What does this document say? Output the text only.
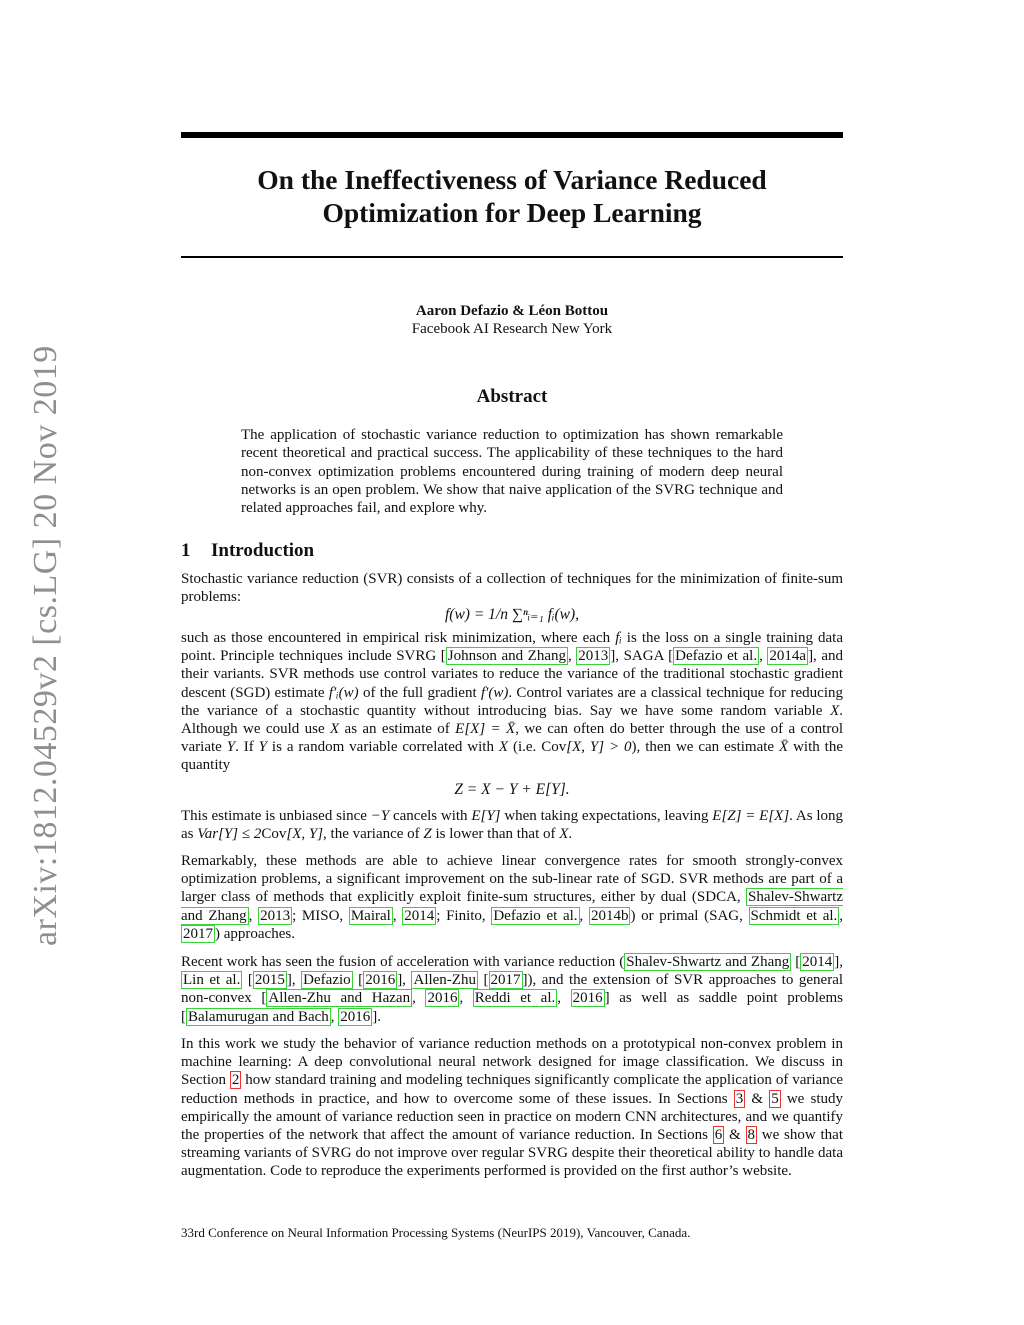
On the Ineffectiveness of Variance Reduced
Optimization for Deep Learning
Aaron Defazio & Léon Bottou
Facebook AI Research New York
arXiv:1812.04529v2 [cs.LG] 20 Nov 2019	Abstract
The application of stochastic variance reduction to optimization has shown remarkable recent theoretical and practical success. The applicability of these techniques to the hard non-convex optimization problems encountered during training of modern deep neural networks is an open problem. We show that naive application of the SVRG technique and related approaches fail, and explore why.
1 Introduction
Stochastic variance reduction (SVR) consists of a collection of techniques for the minimization of finite-sum problems:
f(w) = 1/n ∑ⁿᵢ₌₁ fᵢ(w),
such as those encountered in empirical risk minimization, where each fᵢ is the loss on a single training data point. Principle techniques include SVRG [ Johnson and Zhang , 2013 ], SAGA [ Defazio et al. , 2014a ], and their variants. SVR methods use control variates to reduce the variance of the traditional stochastic gradient descent (SGD) estimate f′ᵢ(w) of the full gradient f′(w). Control variates are a classical technique for reducing the variance of a stochastic quantity without introducing bias. Say we have some random variable X. Although we could use X as an estimate of E[X] = X̄, we can often do better through the use of a control variate Y. If Y is a random variable correlated with X (i.e. Cov[X, Y] > 0), then we can estimate X̄ with the quantity
Z = X − Y + E[Y].
This estimate is unbiased since −Y cancels with E[Y] when taking expectations, leaving E[Z] = E[X]. As long as Var[Y] ≤ 2Cov[X, Y], the variance of Z is lower than that of X.
Remarkably, these methods are able to achieve linear convergence rates for smooth strongly-convex optimization problems, a significant improvement on the sub-linear rate of SGD. SVR methods are part of a larger class of methods that explicitly exploit finite-sum structures, either by dual (SDCA, Shalev-Shwartz and Zhang , 2013 ; MISO, Mairal , 2014 ; Finito, Defazio et al. , 2014b ) or primal (SAG, Schmidt et al. , 2017 ) approaches.
Recent work has seen the fusion of acceleration with variance reduction ( Shalev-Shwartz and Zhang [ 2014 ], Lin et al. [ 2015 ], Defazio [ 2016 ], Allen-Zhu [ 2017 ]), and the extension of SVR approaches to general non-convex [ Allen-Zhu and Hazan , 2016 , Reddi et al. , 2016 ] as well as saddle point problems [ Balamurugan and Bach , 2016 ].
In this work we study the behavior of variance reduction methods on a prototypical non-convex problem in machine learning: A deep convolutional neural network designed for image classification. We discuss in Section 2 how standard training and modeling techniques significantly complicate the application of variance reduction methods in practice, and how to overcome some of these issues. In Sections 3 & 5 we study empirically the amount of variance reduction seen in practice on modern CNN architectures, and we quantify the properties of the network that affect the amount of variance reduction. In Sections 6 & 8 we show that streaming variants of SVRG do not improve over regular SVRG despite their theoretical ability to handle data augmentation. Code to reproduce the experiments performed is provided on the first author’s website.
33rd Conference on Neural Information Processing Systems (NeurIPS 2019), Vancouver, Canada.
